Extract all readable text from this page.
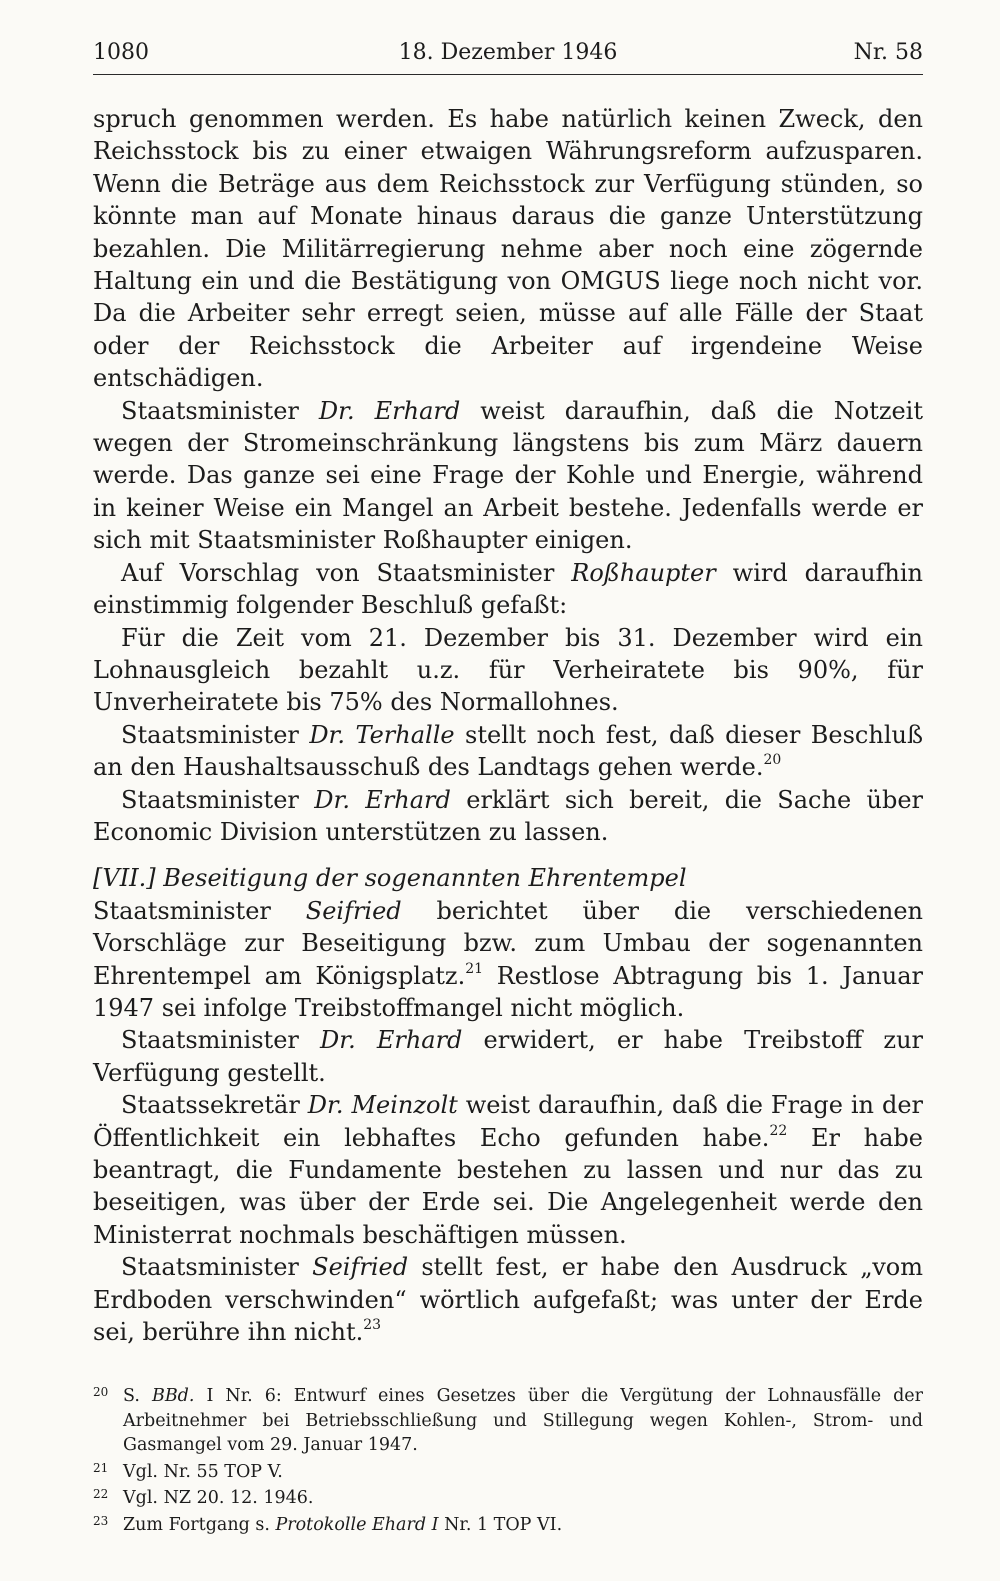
1080	18. Dezember 1946	Nr. 58

spruch genommen werden. Es habe natürlich keinen Zweck, den Reichsstock bis zu einer etwaigen Währungsreform aufzusparen. Wenn die Beträge aus dem Reichsstock zur Verfügung stünden, so könnte man auf Monate hinaus daraus die ganze Unterstützung bezahlen. Die Militärregierung nehme aber noch eine zögernde Haltung ein und die Bestätigung von OMGUS liege noch nicht vor. Da die Arbeiter sehr erregt seien, müsse auf alle Fälle der Staat oder der Reichsstock die Arbeiter auf irgendeine Weise entschädigen.

Staatsminister Dr. Erhard weist daraufhin, daß die Notzeit wegen der Stromeinschränkung längstens bis zum März dauern werde. Das ganze sei eine Frage der Kohle und Energie, während in keiner Weise ein Mangel an Arbeit bestehe. Jedenfalls werde er sich mit Staatsminister Roßhaupter einigen.

Auf Vorschlag von Staatsminister Roßhaupter wird daraufhin einstimmig folgender Beschluß gefaßt:

Für die Zeit vom 21. Dezember bis 31. Dezember wird ein Lohnausgleich bezahlt u.z. für Verheiratete bis 90%, für Unverheiratete bis 75% des Normallohnes.

Staatsminister Dr. Terhalle stellt noch fest, daß dieser Beschluß an den Haushaltsausschuß des Landtags gehen werde.$^{20}$

Staatsminister Dr. Erhard erklärt sich bereit, die Sache über Economic Division unterstützen zu lassen.

[VII.] Beseitigung der sogenannten Ehrentempel

Staatsminister Seifried berichtet über die verschiedenen Vorschläge zur Beseitigung bzw. zum Umbau der sogenannten Ehrentempel am Königsplatz.$^{21}$ Restlose Abtragung bis 1. Januar 1947 sei infolge Treibstoffmangel nicht möglich.

Staatsminister Dr. Erhard erwidert, er habe Treibstoff zur Verfügung gestellt.

Staatssekretär Dr. Meinzolt weist daraufhin, daß die Frage in der Öffentlichkeit ein lebhaftes Echo gefunden habe.$^{22}$ Er habe beantragt, die Fundamente bestehen zu lassen und nur das zu beseitigen, was über der Erde sei. Die Angelegenheit werde den Ministerrat nochmals beschäftigen müssen.

Staatsminister Seifried stellt fest, er habe den Ausdruck „vom Erdboden verschwinden“ wörtlich aufgefaßt; was unter der Erde sei, berühre ihn nicht.$^{23}$

20 S. BBd. I Nr. 6: Entwurf eines Gesetzes über die Vergütung der Lohnausfälle der Arbeitnehmer bei Betriebsschließung und Stillegung wegen Kohlen-, Strom- und Gasmangel vom 29. Januar 1947.
21 Vgl. Nr. 55 TOP V.
22 Vgl. NZ 20. 12. 1946.
23 Zum Fortgang s. Protokolle Ehard I Nr. 1 TOP VI.
